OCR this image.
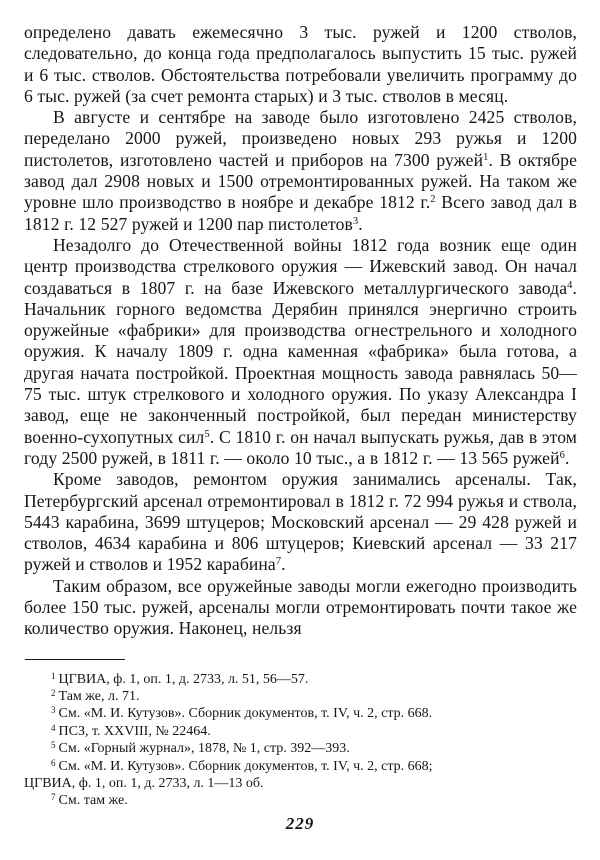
определено давать ежемесячно 3 тыс. ружей и 1200 стволов, следовательно, до конца года предполагалось выпустить 15 тыс. ружей и 6 тыс. стволов. Обстоятельства потребовали увеличить программу до 6 тыс. ружей (за счет ремонта старых) и 3 тыс. стволов в месяц.

В августе и сентябре на заводе было изготовлено 2425 стволов, переделано 2000 ружей, произведено новых 293 ружья и 1200 пистолетов, изготовлено частей и приборов на 7300 ружей$^1$. В октябре завод дал 2908 новых и 1500 отремонтированных ружей. На таком же уровне шло производство в ноябре и декабре 1812 г.$^2$ Всего завод дал в 1812 г. 12 527 ружей и 1200 пар пистолетов$^3$.

Незадолго до Отечественной войны 1812 года возник еще один центр производства стрелкового оружия — Ижевский завод. Он начал создаваться в 1807 г. на базе Ижевского металлургического завода$^4$. Начальник горного ведомства Дерябин принялся энергично строить оружейные «фабрики» для производства огнестрельного и холодного оружия. К началу 1809 г. одна каменная «фабрика» была готова, а другая начата постройкой. Проектная мощность завода равнялась 50—75 тыс. штук стрелкового и холодного оружия. По указу Александра I завод, еще не законченный постройкой, был передан министерству военно-сухопутных сил$^5$. С 1810 г. он начал выпускать ружья, дав в этом году 2500 ружей, в 1811 г. — около 10 тыс., а в 1812 г. — 13 565 ружей$^6$.

Кроме заводов, ремонтом оружия занимались арсеналы. Так, Петербургский арсенал отремонтировал в 1812 г. 72 994 ружья и ствола, 5443 карабина, 3699 штуцеров; Московский арсенал — 29 428 ружей и стволов, 4634 карабина и 806 штуцеров; Киевский арсенал — 33 217 ружей и стволов и 1952 карабина$^7$.

Таким образом, все оружейные заводы могли ежегодно производить более 150 тыс. ружей, арсеналы могли отремонтировать почти такое же количество оружия. Наконец, нельзя

$^1$ ЦГВИА, ф. 1, оп. 1, д. 2733, л. 51, 56—57.

$^2$ Там же, л. 71.

$^3$ См. «М. И. Кутузов». Сборник документов, т. IV, ч. 2, стр. 668.

$^4$ ПСЗ, т. XXVIII, № 22464.

$^5$ См. «Горный журнал», 1878, № 1, стр. 392—393.

$^6$ См. «М. И. Кутузов». Сборник документов, т. IV, ч. 2, стр. 668;

ЦГВИА, ф. 1, оп. 1, д. 2733, л. 1—13 об.

$^7$ См. там же.

229
